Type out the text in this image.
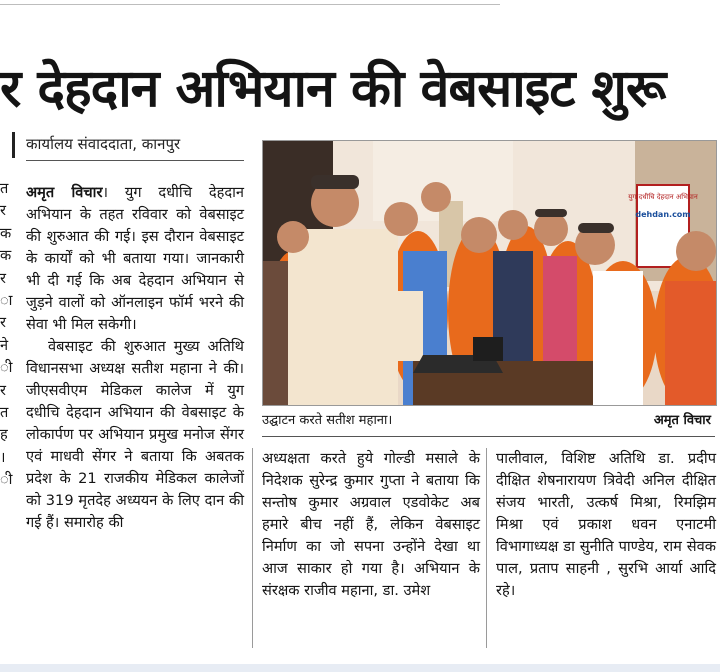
र देहदान अभियान की वेबसाइट शुरू
कार्यालय संवाददाता, कानपुर
त
र
क
क
र
ा
र
ने
ी
र
त
ह
।
ी

अमृत विचार। युग दधीचि देहदान अभियान के तहत रविवार को वेबसाइट की शुरुआत की गई। इस दौरान वेबसाइट के कार्यों को भी बताया गया। जानकारी भी दी गई कि अब देहदान अभियान से जुड़ने वालों को ऑनलाइन फॉर्म भरने की सेवा भी मिल सकेगी।

वेबसाइट की शुरुआत मुख्य अतिथि विधानसभा अध्यक्ष सतीश महाना ने की। जीएसवीएम मेडिकल कालेज में युग दधीचि देहदान अभियान की वेबसाइट के लोकार्पण पर अभियान प्रमुख मनोज सेंगर एवं माधवी सेंगर ने बताया कि अबतक प्रदेश के 21 राजकीय मेडिकल कालेजों को 319 मृतदेह अध्ययन के लिए दान की गई हैं। समारोह की

युग दधीचि देहदान अभियान
dehdan.com
उद्घाटन करते सतीश महाना।	अमृत विचार

अध्यक्षता करते हुये गोल्डी मसाले के निदेशक सुरेन्द्र कुमार गुप्ता ने बताया कि सन्तोष कुमार अग्रवाल एडवोकेट अब हमारे बीच नहीं हैं, लेकिन वेबसाइट निर्माण का जो सपना उन्होंने देखा था आज साकार हो गया है। अभियान के संरक्षक राजीव महाना, डा. उमेश

पालीवाल, विशिष्ट अतिथि डा. प्रदीप दीक्षित शेषनारायण त्रिवेदी अनिल दीक्षित संजय भारती, उत्कर्ष मिश्रा, रिमझिम मिश्रा एवं प्रकाश धवन एनाटमी विभागाध्यक्ष डा सुनीति पाण्डेय, राम सेवक पाल, प्रताप साहनी , सुरभि आर्या आदि रहे।
